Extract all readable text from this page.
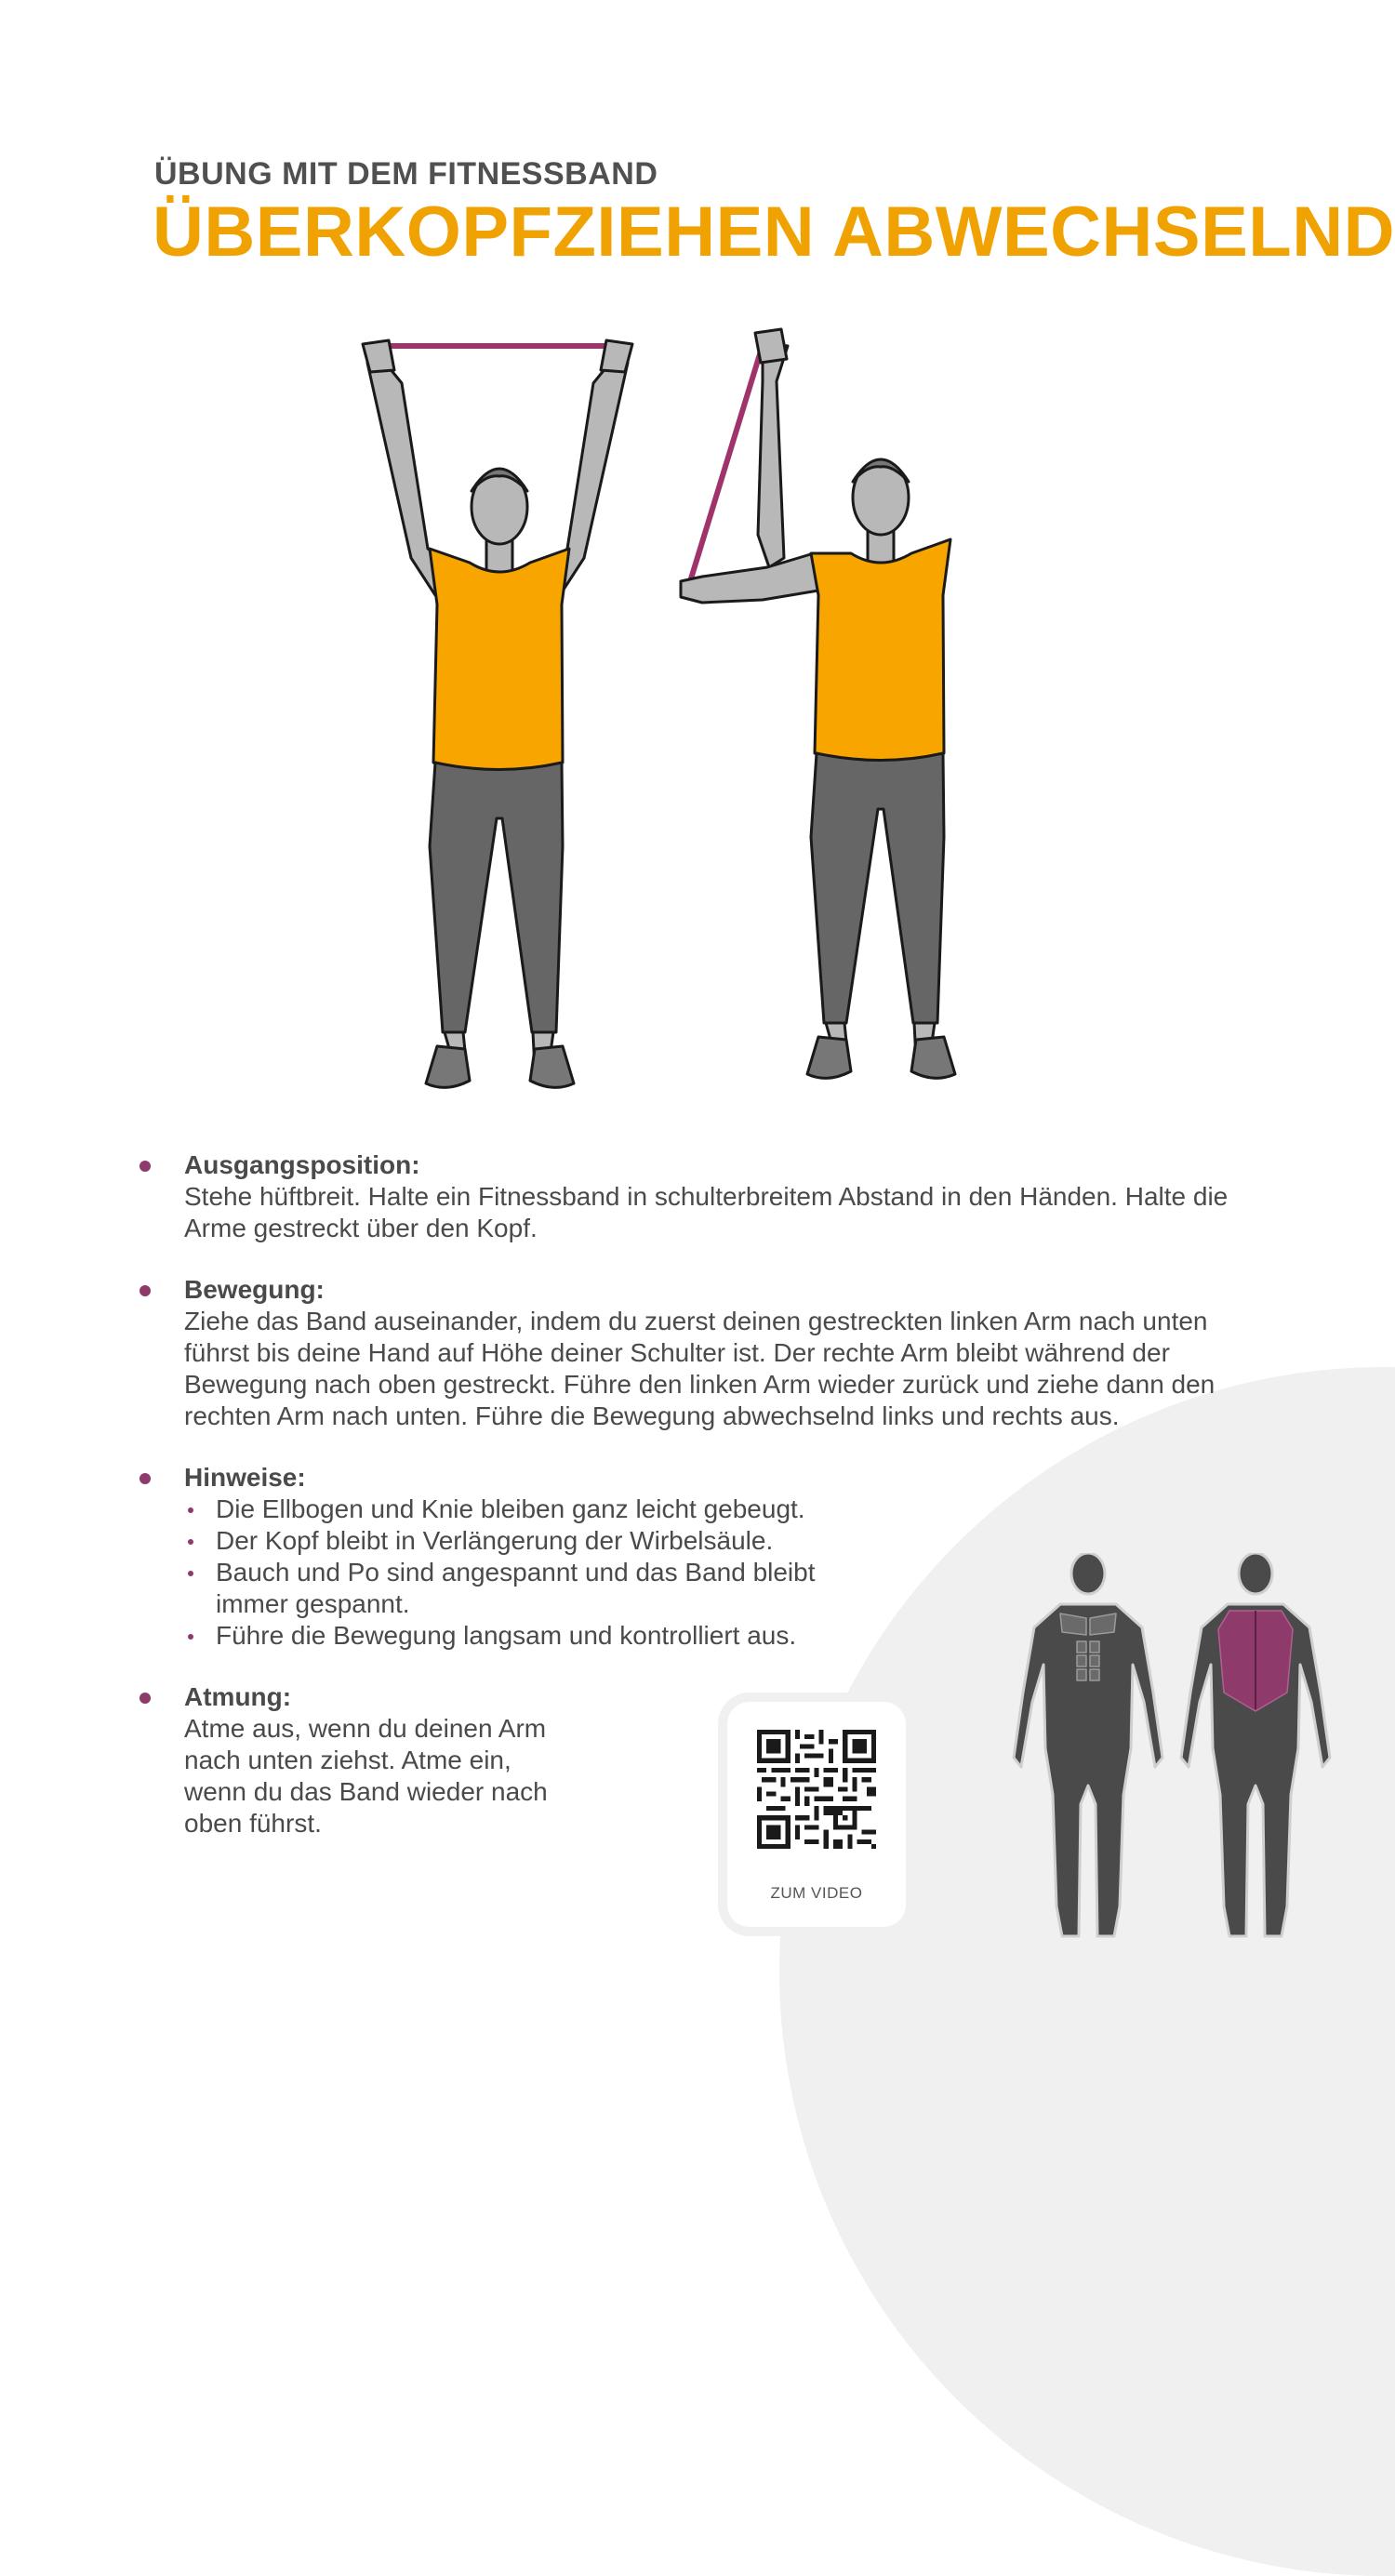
ÜBUNG MIT DEM FITNESSBAND
ÜBERKOPFZIEHEN ABWECHSELND
Ausgangsposition:
Stehe hüftbreit. Halte ein Fitnessband in schulterbreitem Abstand in den Händen. Halte die Arme gestreckt über den Kopf.
Bewegung:
Ziehe das Band auseinander, indem du zuerst deinen gestreckten linken Arm nach unten führst bis deine Hand auf Höhe deiner Schulter ist. Der rechte Arm bleibt während der Bewegung nach oben gestreckt. Führe den linken Arm wieder zurück und ziehe dann den rechten Arm nach unten. Führe die Bewegung abwechselnd links und rechts aus.
Hinweise:
Die Ellbogen und Knie bleiben ganz leicht gebeugt.
Der Kopf bleibt in Verlängerung der Wirbelsäule.
Bauch und Po sind angespannt und das Band bleibt immer gespannt.
Führe die Bewegung langsam und kontrolliert aus.
Atmung:
Atme aus, wenn du deinen Arm nach unten ziehst. Atme ein, wenn du das Band wieder nach oben führst.
ZUM VIDEO
